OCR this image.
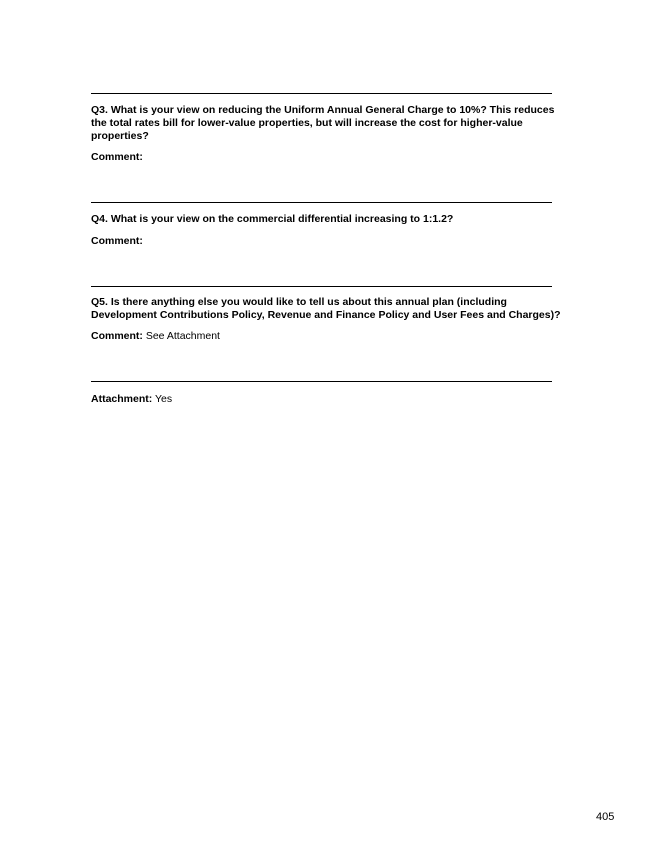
Q3. What is your view on reducing the Uniform Annual General Charge to 10%? This reduces the total rates bill for lower-value properties, but will increase the cost for higher-value properties?

Comment:

Q4. What is your view on the commercial differential increasing to 1:1.2?

Comment:

Q5. Is there anything else you would like to tell us about this annual plan (including Development Contributions Policy, Revenue and Finance Policy and User Fees and Charges)?

Comment: See Attachment

Attachment: Yes

405
